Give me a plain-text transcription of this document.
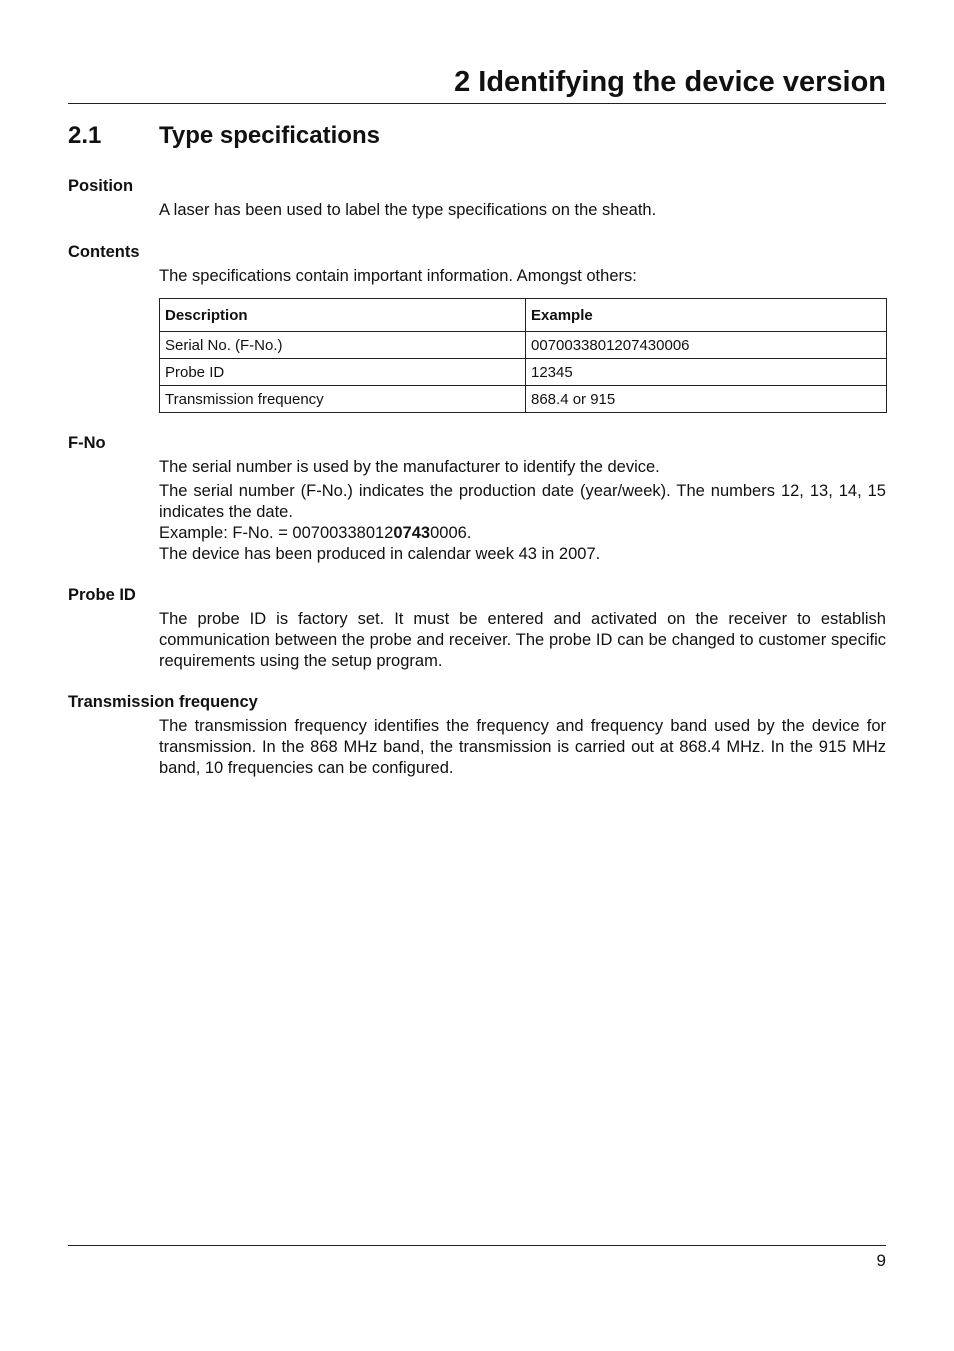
2 Identifying the device version
2.1 Type specifications

Position

A laser has been used to label the type specifications on the sheath.

Contents

The specifications contain important information. Amongst others:

Description	Example
Serial No. (F-No.)	0070033801207430006
Probe ID	12345
Transmission frequency	868.4 or 915

F-No

The serial number is used by the manufacturer to identify the device.

The serial number (F-No.) indicates the production date (year/week). The numbers 12, 13, 14, 15 indicates the date.
Example: F-No. = 0070033801207430006.
The device has been produced in calendar week 43 in 2007.

Probe ID

The probe ID is factory set. It must be entered and activated on the receiver to establish communication between the probe and receiver. The probe ID can be changed to customer specific requirements using the setup program.

Transmission frequency

The transmission frequency identifies the frequency and frequency band used by the device for transmission. In the 868 MHz band, the transmission is carried out at 868.4 MHz. In the 915 MHz band, 10 frequencies can be configured.

9
